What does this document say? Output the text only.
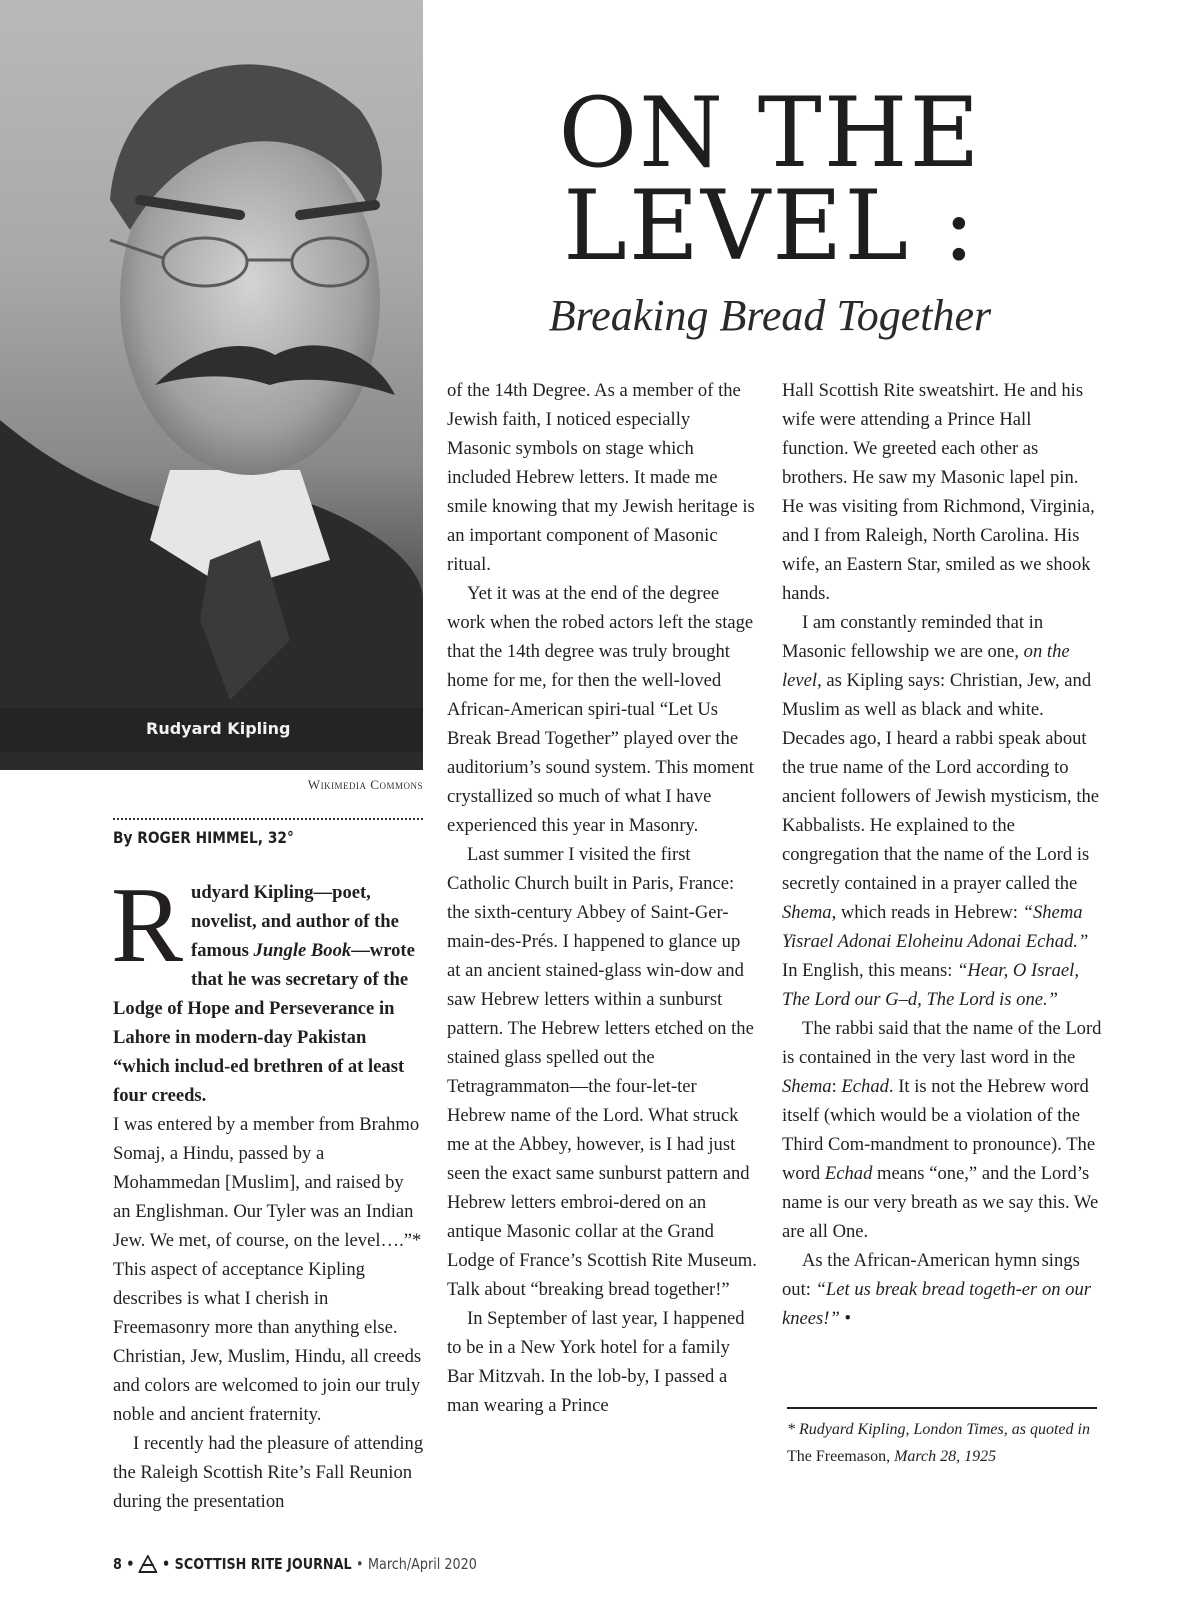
Rudyard Kipling
Wikimedia Commons
By ROGER HIMMEL, 32°
ON THE
LEVEL :
Breaking Bread Together

Rudyard Kipling—poet, novelist, and author of the famous Jungle Book—wrote that he was secretary of the Lodge of Hope and Perseverance in Lahore in modern-day Pakistan “which includ-ed brethren of at least four creeds.

I was entered by a member from Brahmo Somaj, a Hindu, passed by a Mohammedan [Muslim], and raised by an Englishman. Our Tyler was an Indian Jew. We met, of course, on the level….”* This aspect of acceptance Kipling describes is what I cherish in Freemasonry more than anything else. Christian, Jew, Muslim, Hindu, all creeds and colors are welcomed to join our truly noble and ancient fraternity.

I recently had the pleasure of attending the Raleigh Scottish Rite’s Fall Reunion during the presentation

of the 14th Degree. As a member of the Jewish faith, I noticed especially Masonic symbols on stage which included Hebrew letters. It made me smile knowing that my Jewish heritage is an important component of Masonic ritual.

Yet it was at the end of the degree work when the robed actors left the stage that the 14th degree was truly brought home for me, for then the well-loved African-American spiri-tual “Let Us Break Bread Together” played over the auditorium’s sound system. This moment crystallized so much of what I have experienced this year in Masonry.

Last summer I visited the first Catholic Church built in Paris, France: the sixth-century Abbey of Saint-Ger-main-des-Prés. I happened to glance up at an ancient stained-glass win-dow and saw Hebrew letters within a sunburst pattern. The Hebrew letters etched on the stained glass spelled out the Tetragrammaton—the four-let-ter Hebrew name of the Lord. What struck me at the Abbey, however, is I had just seen the exact same sunburst pattern and Hebrew letters embroi-dered on an antique Masonic collar at the Grand Lodge of France’s Scottish Rite Museum. Talk about “breaking bread together!”

In September of last year, I happened to be in a New York hotel for a family Bar Mitzvah. In the lob-by, I passed a man wearing a Prince

Hall Scottish Rite sweatshirt. He and his wife were attending a Prince Hall function. We greeted each other as brothers. He saw my Masonic lapel pin. He was visiting from Richmond, Virginia, and I from Raleigh, North Carolina. His wife, an Eastern Star, smiled as we shook hands.

I am constantly reminded that in Masonic fellowship we are one, on the level, as Kipling says: Christian, Jew, and Muslim as well as black and white. Decades ago, I heard a rabbi speak about the true name of the Lord according to ancient followers of Jewish mysticism, the Kabbalists. He explained to the congregation that the name of the Lord is secretly contained in a prayer called the Shema, which reads in Hebrew: “Shema Yisrael Adonai Eloheinu Adonai Echad.” In English, this means: “Hear, O Israel, The Lord our G–d, The Lord is one.”

The rabbi said that the name of the Lord is contained in the very last word in the Shema: Echad. It is not the Hebrew word itself (which would be a violation of the Third Com-mandment to pronounce). The word Echad means “one,” and the Lord’s name is our very breath as we say this. We are all One.

As the African-American hymn sings out: “Let us break bread togeth-er on our knees!” •

* Rudyard Kipling, London Times, as quoted in The Freemason, March 28, 1925
8 •  • SCOTTISH RITE JOURNAL • March/April 2020
